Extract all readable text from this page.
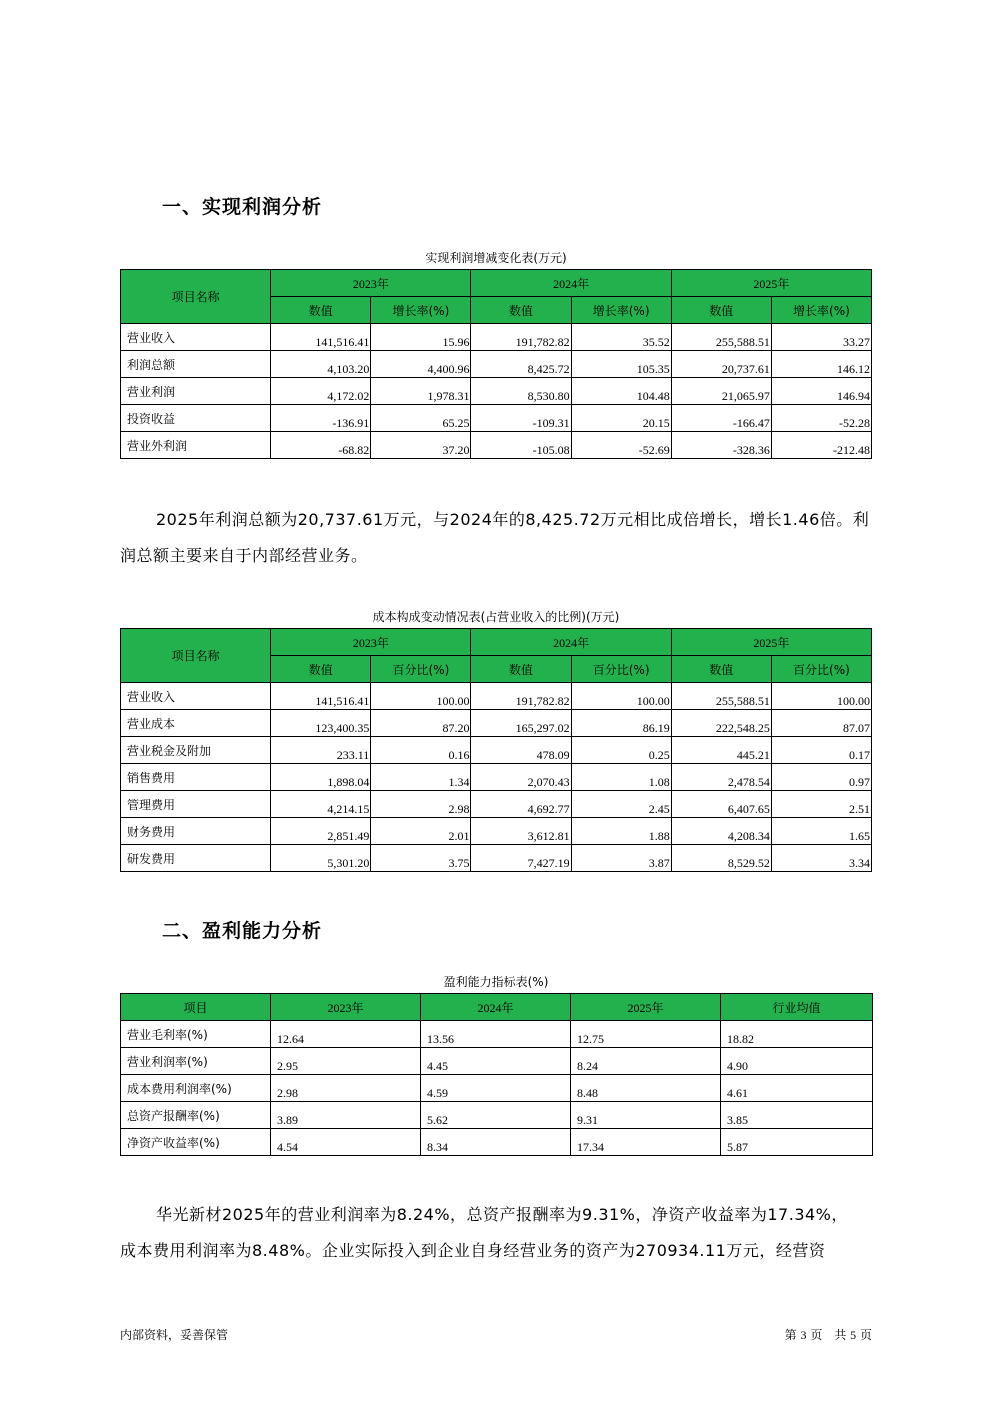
一、实现利润分析
实现利润增减变化表(万元)
项目名称	2023年		2024年		2025年	
	数值	增长率(%)	数值	增长率(%)	数值	增长率(%)
营业收入	141,516.41	15.96	191,782.82	35.52	255,588.51	33.27
利润总额	4,103.20	4,400.96	8,425.72	105.35	20,737.61	146.12
营业利润	4,172.02	1,978.31	8,530.80	104.48	21,065.97	146.94
投资收益	-136.91	65.25	-109.31	20.15	-166.47	-52.28
营业外利润	-68.82	37.20	-105.08	-52.69	-328.36	-212.48
2025年利润总额为20,737.61万元，与2024年的8,425.72万元相比成倍增长，增长1.46倍。利
润总额主要来自于内部经营业务。
成本构成变动情况表(占营业收入的比例)(万元)
项目名称	2023年		2024年		2025年	
	数值	百分比(%)	数值	百分比(%)	数值	百分比(%)
营业收入	141,516.41	100.00	191,782.82	100.00	255,588.51	100.00
营业成本	123,400.35	87.20	165,297.02	86.19	222,548.25	87.07
营业税金及附加	233.11	0.16	478.09	0.25	445.21	0.17
销售费用	1,898.04	1.34	2,070.43	1.08	2,478.54	0.97
管理费用	4,214.15	2.98	4,692.77	2.45	6,407.65	2.51
财务费用	2,851.49	2.01	3,612.81	1.88	4,208.34	1.65
研发费用	5,301.20	3.75	7,427.19	3.87	8,529.52	3.34
二、盈利能力分析
盈利能力指标表(%)
项目	2023年	2024年	2025年	行业均值
营业毛利率(%)	12.64	13.56	12.75	18.82
营业利润率(%)	2.95	4.45	8.24	4.90
成本费用利润率(%)	2.98	4.59	8.48	4.61
总资产报酬率(%)	3.89	5.62	9.31	3.85
净资产收益率(%)	4.54	8.34	17.34	5.87
华光新材2025年的营业利润率为8.24%，总资产报酬率为9.31%，净资产收益率为17.34%，
成本费用利润率为8.48%。企业实际投入到企业自身经营业务的资产为270934.11万元，经营资
内部资料，妥善保管	第 3 页　共 5 页
